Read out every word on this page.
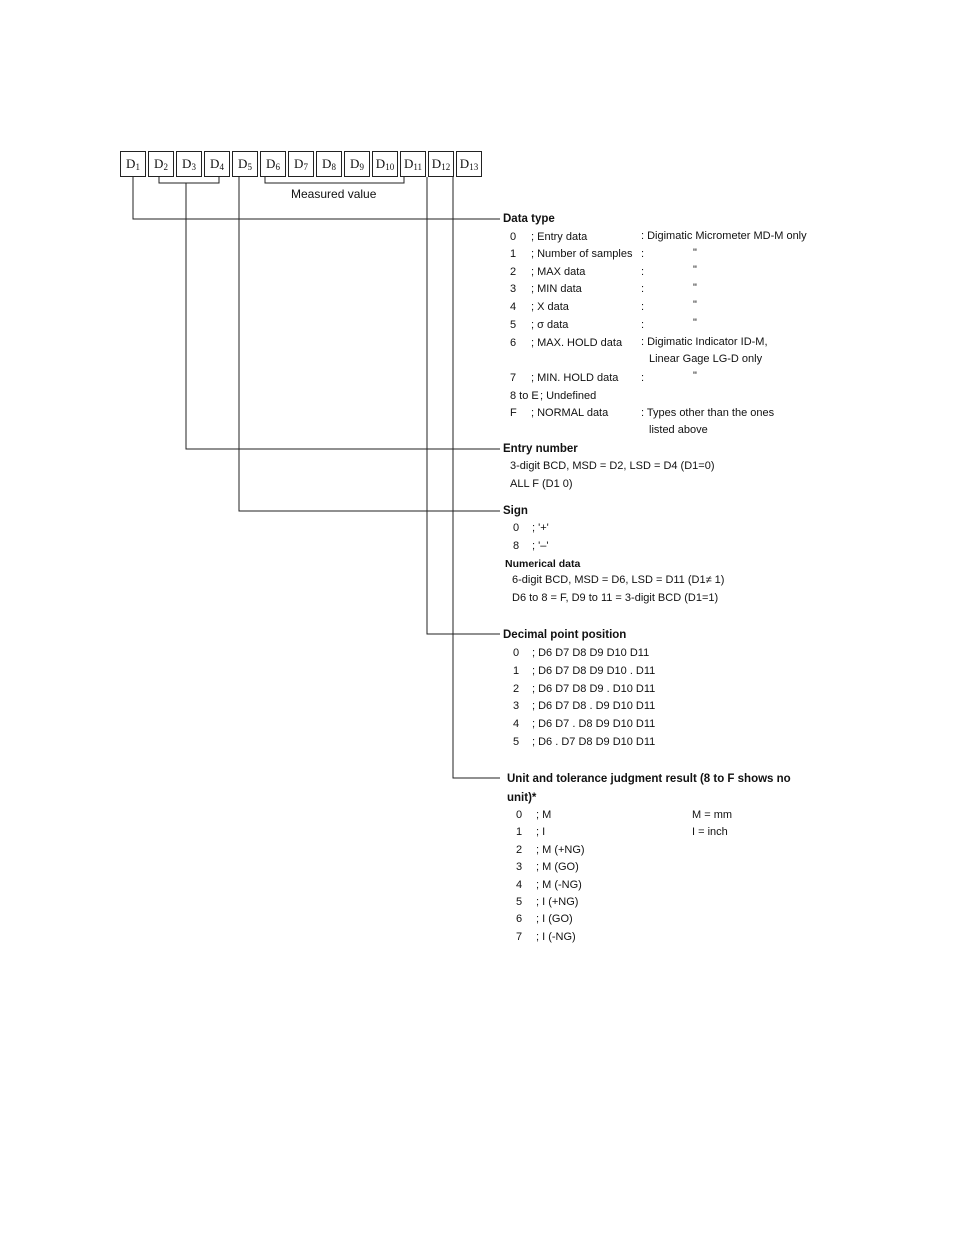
D 1 D 2 D 3 D 4 D 5 D 6 D 7 D 8 D 9 D 10 D 11 D 12 D 13
Measured value
Data type
0 ; Entry data	: Digimatic Micrometer MD-M only
1 ; Number of samples :	"
2 ; MAX data	:	"
3 ; MIN data	:	"
4 ; X data	:	"
5 ; σ data	:	"
6 ; MAX. HOLD data : Digimatic Indicator ID-M,
Linear Gage LG-D only
7 ; MIN. HOLD data :	"
8 to E ; Undefined
F ; NORMAL data	: Types other than the ones
listed above
Entry number
3-digit BCD, MSD = D2, LSD = D4 (D1=0)
ALL F (D1 0)
Sign
0 ; '+'
8 ; '–'
Numerical data
6-digit BCD, MSD = D6, LSD = D11 (D1≠ 1)
D6 to 8 = F, D9 to 11 = 3-digit BCD (D1=1)
Decimal point position
0 ; D6 D7 D8 D9 D10 D11
1 ; D6 D7 D8 D9 D10 . D11
2 ; D6 D7 D8 D9 . D10 D11
3 ; D6 D7 D8 . D9 D10 D11
4 ; D6 D7 . D8 D9 D10 D11
5 ; D6 . D7 D8 D9 D10 D11
Unit and tolerance judgment result (8 to F shows no
unit)*
0 ; M	M = mm
1 ; I	I = inch
2 ; M (+NG)
3 ; M (GO)
4 ; M (-NG)
5 ; I (+NG)
6 ; I (GO)
7 ; I (-NG)
